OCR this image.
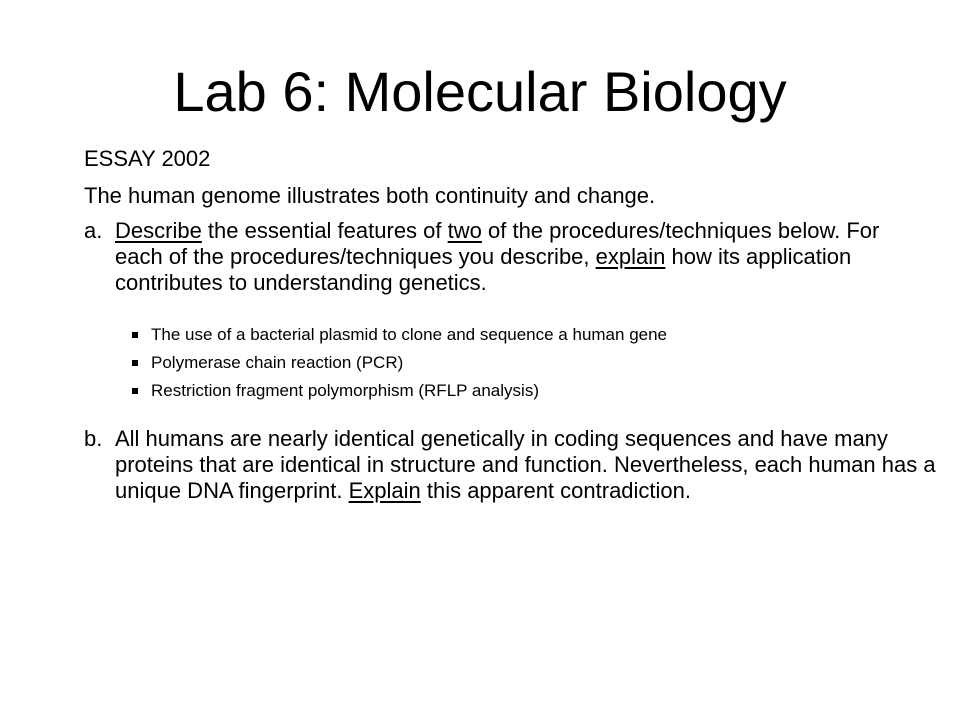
Lab 6: Molecular Biology

ESSAY 2002

The human genome illustrates both continuity and change.

a. Describe the essential features of two of the procedures/techniques below. For each of the procedures/techniques you describe, explain how its application contributes to understanding genetics.

The use of a bacterial plasmid to clone and sequence a human gene
Polymerase chain reaction (PCR)
Restriction fragment polymorphism (RFLP analysis)

b. All humans are nearly identical genetically in coding sequences and have many proteins that are identical in structure and function. Nevertheless, each human has a unique DNA fingerprint. Explain this apparent contradiction.
